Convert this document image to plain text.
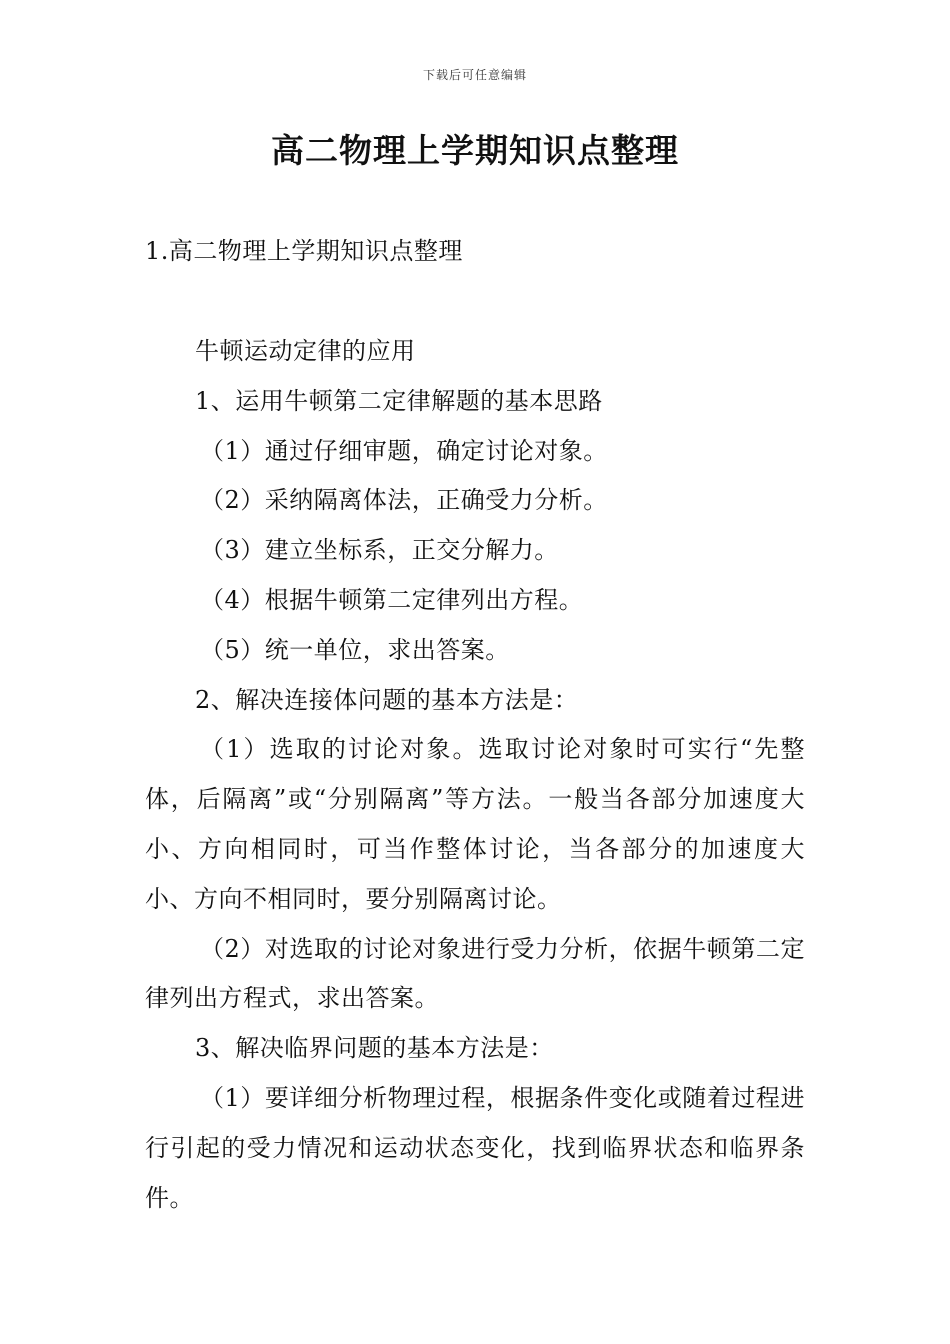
下载后可任意编辑
高二物理上学期知识点整理
1.高二物理上学期知识点整理

牛顿运动定律的应用

1、运用牛顿第二定律解题的基本思路

（1）通过仔细审题，确定讨论对象。

（2）采纳隔离体法，正确受力分析。

（3）建立坐标系，正交分解力。

（4）根据牛顿第二定律列出方程。

（5）统一单位，求出答案。

2、解决连接体问题的基本方法是：

（1）选取的讨论对象。选取讨论对象时可实行“先整体，后隔离”或“分别隔离”等方法。一般当各部分加速度大小、方向相同时，可当作整体讨论，当各部分的加速度大小、方向不相同时，要分别隔离讨论。

（2）对选取的讨论对象进行受力分析，依据牛顿第二定律列出方程式，求出答案。

3、解决临界问题的基本方法是：

（1）要详细分析物理过程，根据条件变化或随着过程进行引起的受力情况和运动状态变化，找到临界状态和临界条件。
